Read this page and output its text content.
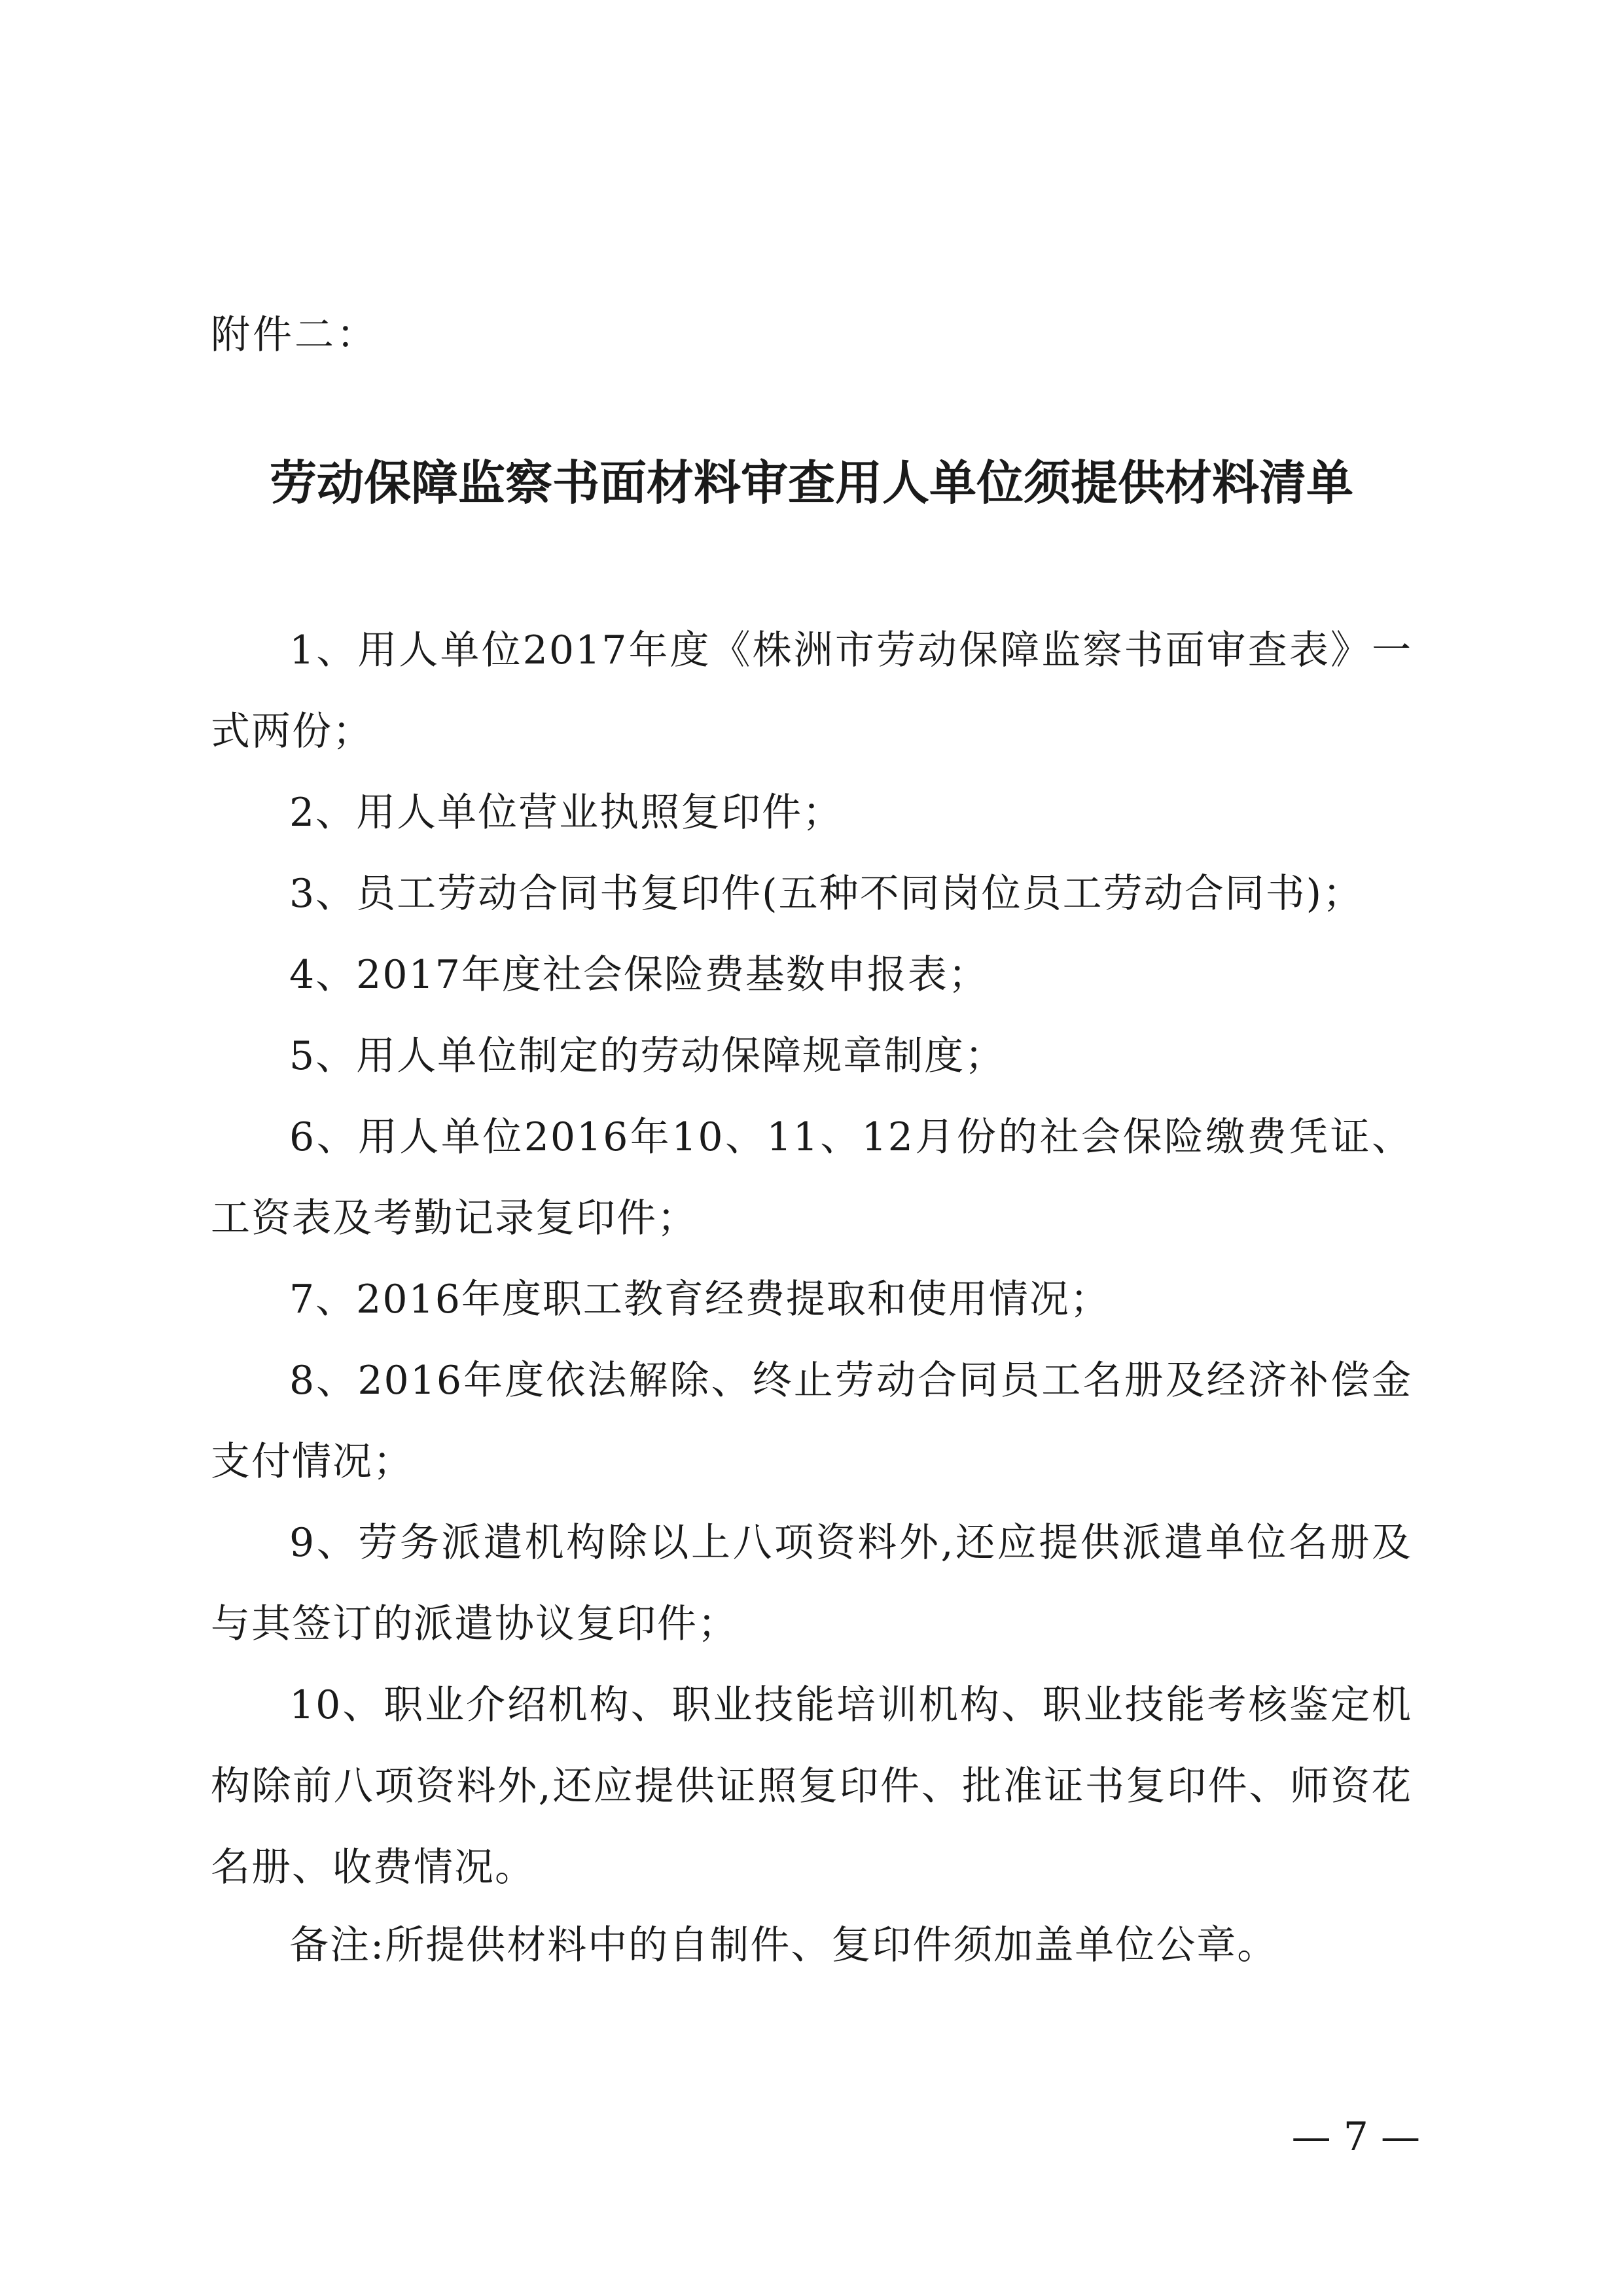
附件二：
劳动保障监察书面材料审查用人单位须提供材料清单
1、用人单位2017年度《株洲市劳动保障监察书面审查表》一式两份；
2、用人单位营业执照复印件；
3、员工劳动合同书复印件(五种不同岗位员工劳动合同书)；
4、2017年度社会保险费基数申报表；
5、用人单位制定的劳动保障规章制度；
6、用人单位2016年10、11、12月份的社会保险缴费凭证、工资表及考勤记录复印件；
7、2016年度职工教育经费提取和使用情况；
8、2016年度依法解除、终止劳动合同员工名册及经济补偿金支付情况；
9、劳务派遣机构除以上八项资料外,还应提供派遣单位名册及与其签订的派遣协议复印件；
10、职业介绍机构、职业技能培训机构、职业技能考核鉴定机构除前八项资料外,还应提供证照复印件、批准证书复印件、师资花名册、收费情况。

备注:所提供材料中的自制件、复印件须加盖单位公章。

— 7 —
